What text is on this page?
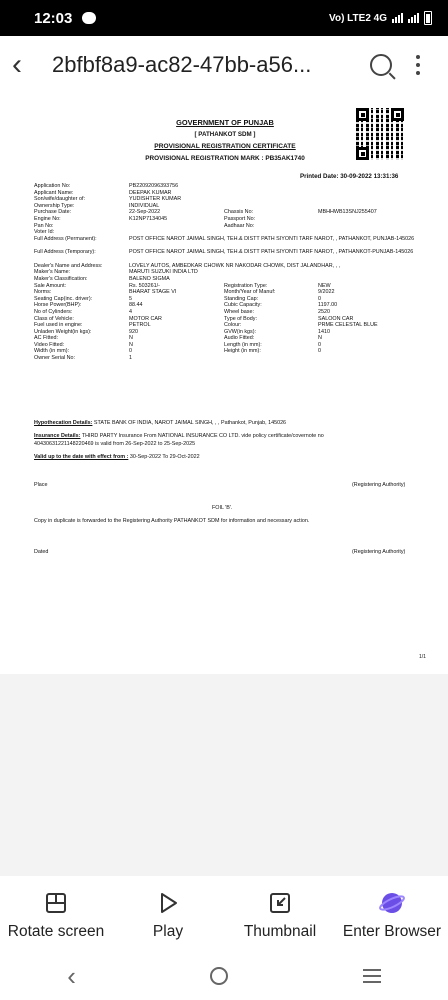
12:03	Vo) LTE2 4G
‹	2bfbf8a9-ac82-47bb-a56...
GOVERNMENT OF PUNJAB
[ PATHANKOT SDM ]
PROVISIONAL REGISTRATION CERTIFICATE
PROVISIONAL REGISTRATION MARK : PB35AK1740
Printed Date: 30-09-2022 13:31:36
Application No:	PB22092096393756
Applicant Name:	DEEPAK KUMAR
Son/wife/daughter of:	YUDISHTER KUMAR
Ownership Type:	INDIVIDUAL
Purchase Date:	22-Sep-2022	Chassis No:	MBHHWB13SNJ255407
Engine No:	K12NP7134045	Passport No:
Pan No:	Aadhaar No:
Voter Id:
Full Address (Permanent):	POST OFFICE NAROT JAIMAL SINGH, TEH.& DISTT PATH SIYONTI TARF NAROT, , PATHANKOT, PUNJAB-145026
Full Address (Temporary):	POST OFFICE NAROT JAIMAL SINGH, TEH.& DISTT PATH SIYONTI TARF NAROT, , PATHANKOT-PUNJAB-145026
Dealer's Name and Address:	LOVELY AUTOS, AMBEDKAR CHOWK NR NAKODAR CHOWK, DIST JALANDHAR, , ,
Maker's Name:	MARUTI SUZUKI INDIA LTD
Maker's Classification:	BALENO SIGMA
Sale Amount:	Rs. 503261/-	Registration Type:	NEW
Norms:	BHARAT STAGE VI	Month/Year of Manuf:	9/2022
Seating Cap(inc. driver):	5	Standing Cap:	0
Horse Power(BHP):	88.44	Cubic Capacity:	1197.00
No of Cylinders:	4	Wheel base:	2520
Class of Vehicle:	MOTOR CAR	Type of Body:	SALOON CAR
Fuel used in engine:	PETROL	Colour:	PRME CELESTAL BLUE
Unladen Weight(in kgs):	920	GVW(in kgs):	1410
AC Fitted:	N	Audio Fitted:	N
Video Fitted:	N	Length (in mm):	0
Width (in mm):	0	Height (in mm):	0
Owner Serial No:	1
Hypothecation Details: STATE BANK OF INDIA, NAROT JAIMAL SINGH, , , Pathankot, Punjab, 145026
Insurance Details: THIRD PARTY Insurance From NATIONAL INSURANCE CO LTD. vide policy certificate/covernote no
40430631221148220469 is valid from 26-Sep-2022 to 25-Sep-2025
Valid up to the date with effect from : 30-Sep-2022 To 29-Oct-2022
Place	(Registering Authority)
FOIL 'B'.
Copy in duplicate is forwarded to the Registering Authority PATHANKOT SDM for information and necessary action.
Dated	(Registering Authority)
1/1
Rotate screen	Play	Thumbnail Enter Browser
‹
